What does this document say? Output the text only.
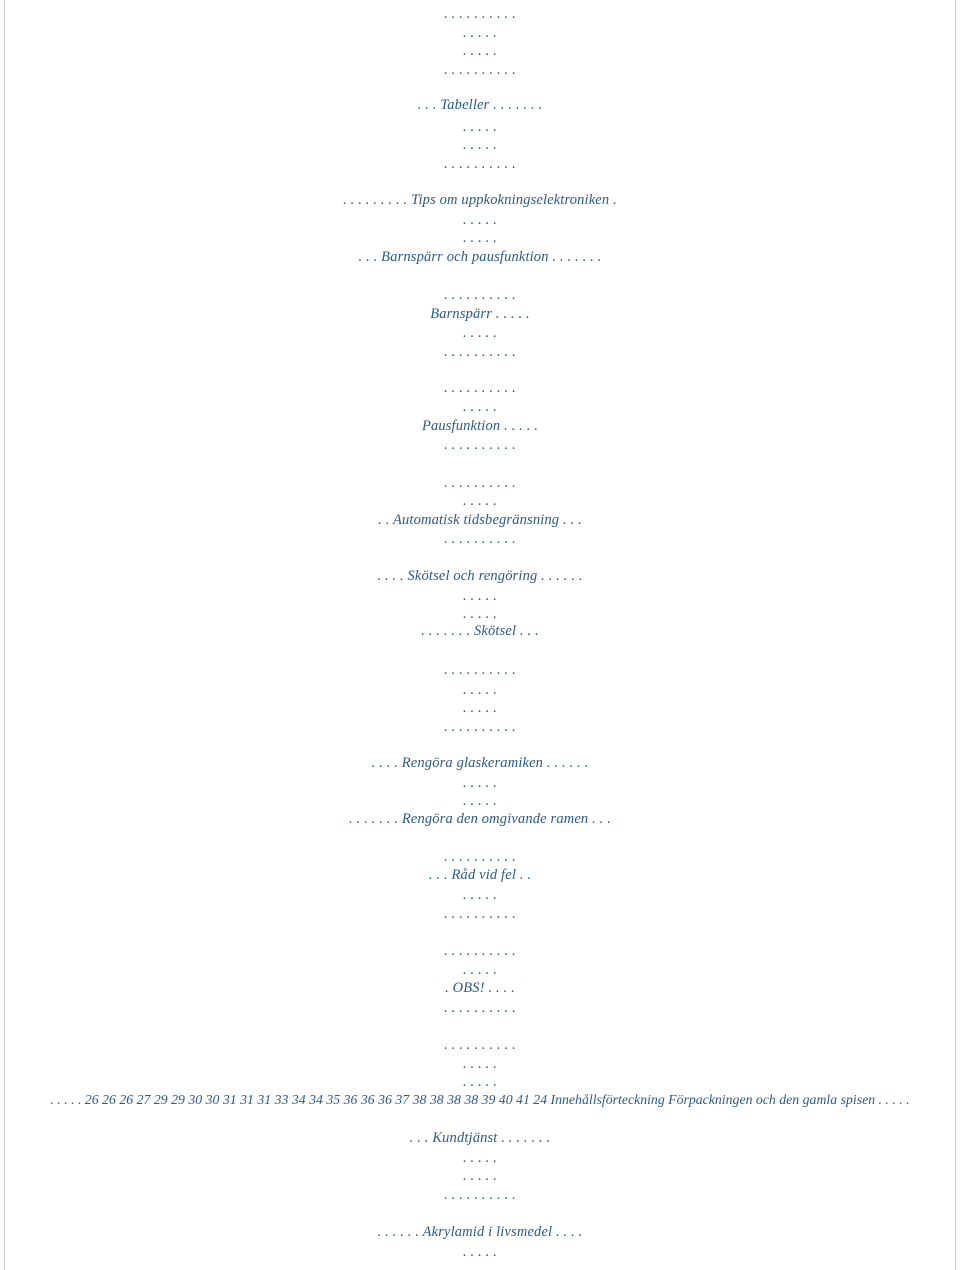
. . . . . . . . . .
. . . . .
. . . . .
. . . . . . . . . .
. . . Tabeller . . . . . . .
. . . . .
. . . . .
. . . . . . . . . .
. . . . . . . . . Tips om uppkokningselektroniken .
. . . . .
. . . . .
. . . Barnspärr och pausfunktion . . . . . . .
. . . . . . . . . .
Barnspärr . . . . .
. . . . .
. . . . . . . . . .
. . . . . . . . . .
. . . . .
Pausfunktion . . . . .
. . . . . . . . . .
. . . . . . . . . .
. . . . .
. . Automatisk tidsbegränsning . . .
. . . . . . . . . .
. . . . Skötsel och rengöring . . . . . .
. . . . .
. . . . .
. . . . . . . Skötsel . . .
. . . . . . . . . .
. . . . .
. . . . .
. . . . . . . . . .
. . . . Rengöra glaskeramiken . . . . . .
. . . . .
. . . . .
. . . . . . . Rengöra den omgivande ramen . . .
. . . . . . . . . .
. . . Råd vid fel . .
. . . . .
. . . . . . . . . .
. . . . . . . . . .
. . . . .
. OBS! . . . .
. . . . . . . . . .
. . . . . . . . . .
. . . . .
. . . . .
. . . . . 26 26 26 27 29 29 30 30 31 31 31 33 34 34 35 36 36 36 37 38 38 38 38 39 40 41 24 Innehållsförteckning Förpackningen och den gamla spisen . . . . .
. . . Kundtjänst . . . . . . .
. . . . .
. . . . .
. . . . . . . . . .
. . . . . . Akrylamid i livsmedel . . . .
. . . . .
